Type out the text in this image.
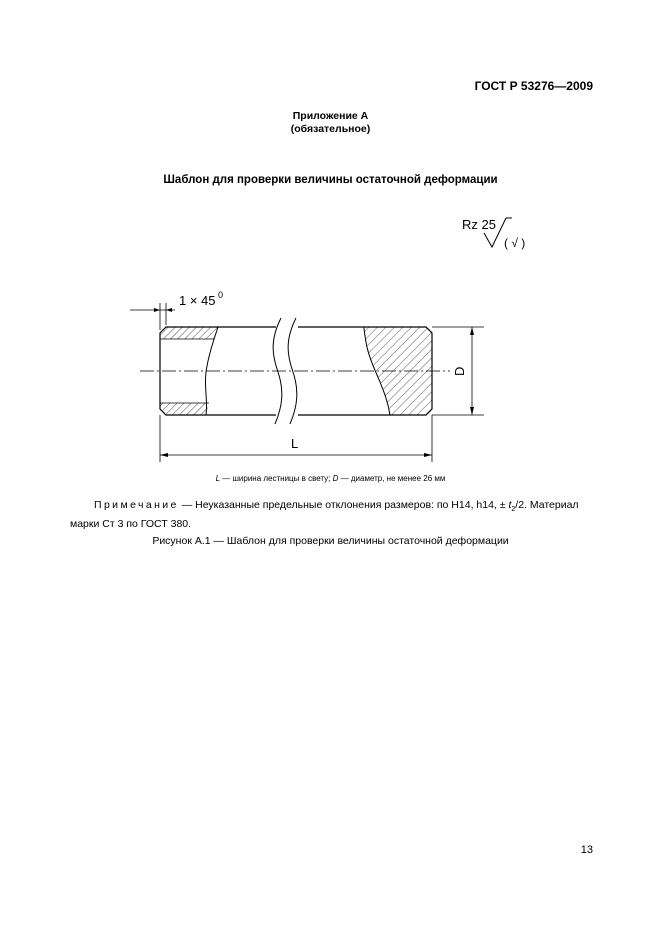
ГОСТ Р 53276—2009
Приложение А
(обязательное)
Шаблон для проверки величины остаточной деформации
Rz 25
( √ )
1 × 45 0
D
L
L — ширина лестницы в свету; D — диаметр, не менее 26 мм
Примечание — Неуказанные предельные отклонения размеров: по H14, h14, ± $t_2/2$. Материал марки Ст 3 по ГОСТ 380.
Рисунок А.1 — Шаблон для проверки величины остаточной деформации
13
